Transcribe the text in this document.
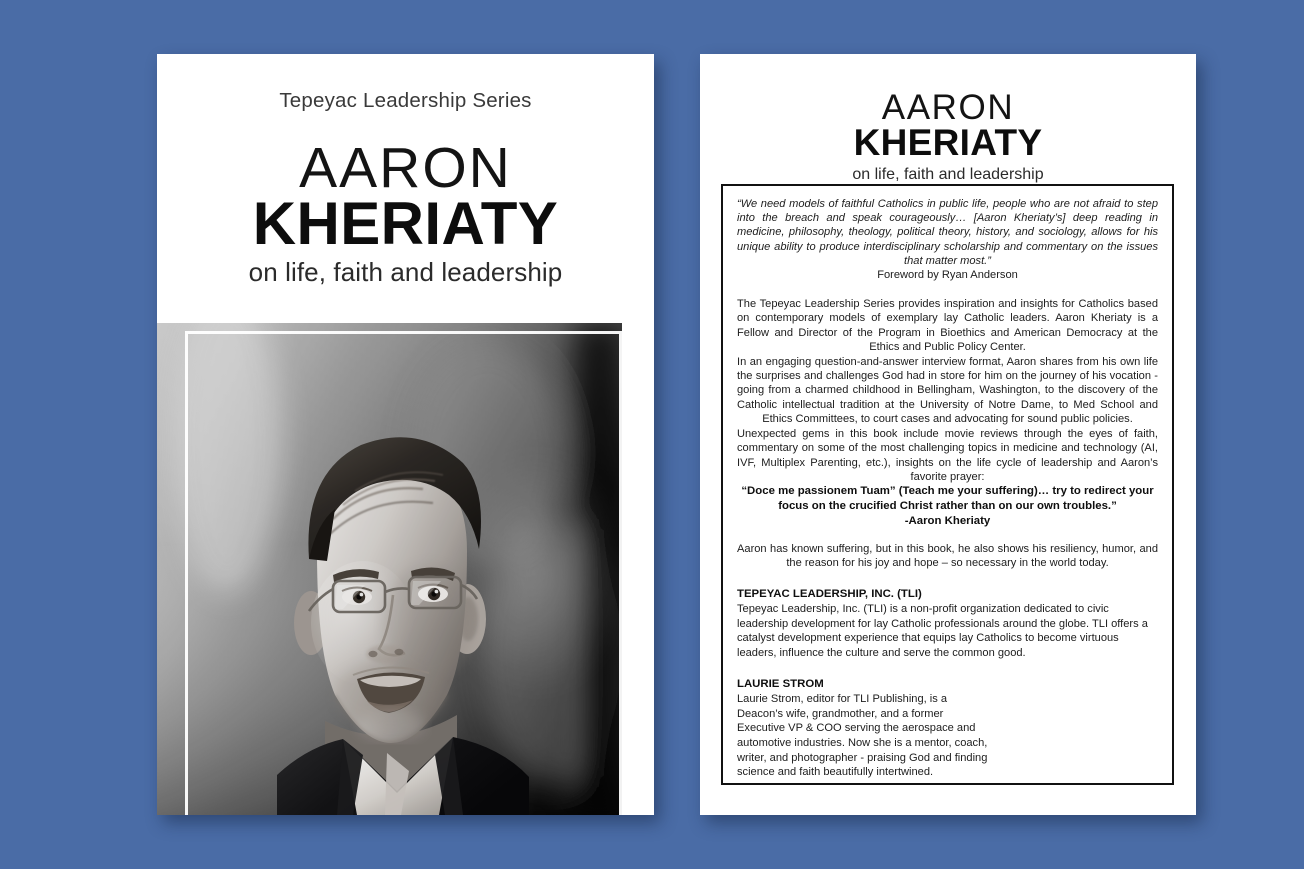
Tepeyac Leadership Series
AARON
KHERIATY
on life, faith and leadership
AARON
KHERIATY
on life, faith and leadership
“We need models of faithful Catholics in public life, people who are not afraid to step into the breach and speak courageously… [Aaron Kheriaty’s] deep reading in medicine, philosophy, theology, political theory, history, and sociology, allows for his unique ability to produce interdisciplinary scholarship and commentary on the issues that matter most.”
Foreword by Ryan Anderson
The Tepeyac Leadership Series provides inspiration and insights for Catholics based on contemporary models of exemplary lay Catholic leaders. Aaron Kheriaty is a Fellow and Director of the Program in Bioethics and American Democracy at the Ethics and Public Policy Center.
In an engaging question-and-answer interview format, Aaron shares from his own life the surprises and challenges God had in store for him on the journey of his vocation - going from a charmed childhood in Bellingham, Washington, to the discovery of the Catholic intellectual tradition at the University of Notre Dame, to Med School and Ethics Committees, to court cases and advocating for sound public policies.
Unexpected gems in this book include movie reviews through the eyes of faith, commentary on some of the most challenging topics in medicine and technology (AI, IVF, Multiplex Parenting, etc.), insights on the life cycle of leadership and Aaron’s favorite prayer:
“Doce me passionem Tuam” (Teach me your suffering)… try to redirect your focus on the crucified Christ rather than on our own troubles.”
-Aaron Kheriaty
Aaron has known suffering, but in this book, he also shows his resiliency, humor, and the reason for his joy and hope – so necessary in the world today.
TEPEYAC LEADERSHIP, INC. (TLI)
Tepeyac Leadership, Inc. (TLI) is a non-profit organization dedicated to civic leadership development for lay Catholic professionals around the globe. TLI offers a catalyst development experience that equips lay Catholics to become virtuous leaders, influence the culture and serve the common good.
LAURIE STROM
Laurie Strom, editor for TLI Publishing, is a Deacon’s wife, grandmother, and a former Executive VP & COO serving the aerospace and automotive industries. Now she is a mentor, coach, writer, and photographer - praising God and finding science and faith beautifully intertwined.
